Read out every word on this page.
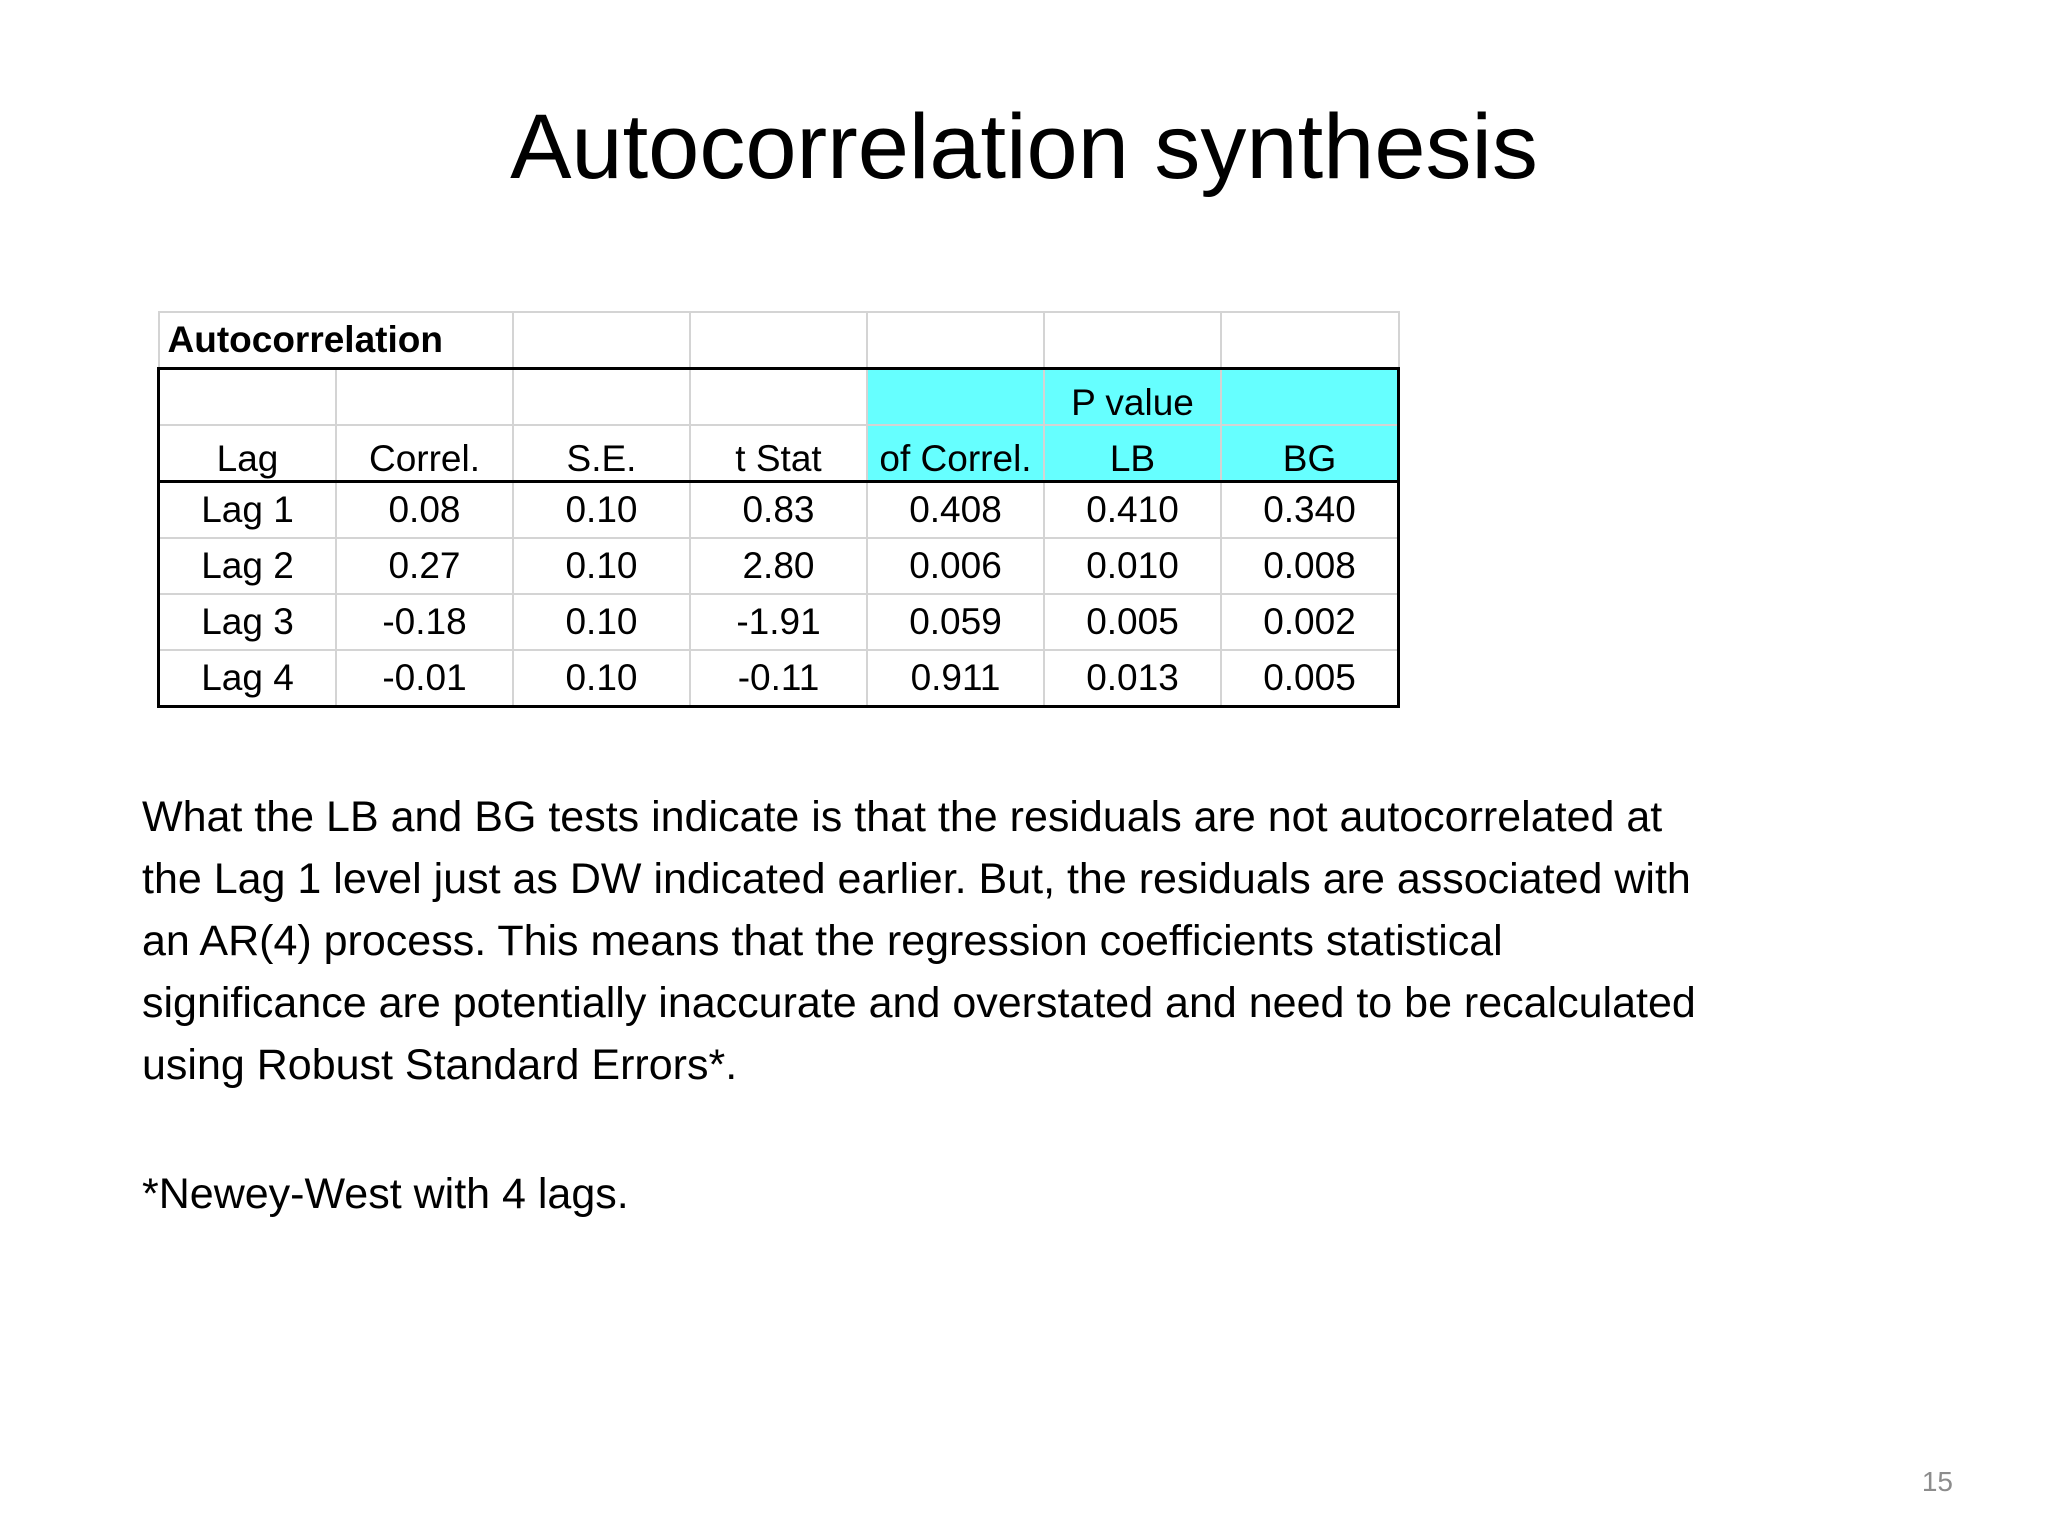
Autocorrelation synthesis
Autocorrelation						
					P value	
Lag	Correl.	S.E.	t Stat	of Correl.	LB	BG
Lag 1	0.08	0.10	0.83	0.408	0.410	0.340
Lag 2	0.27	0.10	2.80	0.006	0.010	0.008
Lag 3	-0.18	0.10	-1.91	0.059	0.005	0.002
Lag 4	-0.01	0.10	-0.11	0.911	0.013	0.005

What the LB and BG tests indicate is that the residuals are not autocorrelated at

the Lag 1 level just as DW indicated earlier. But, the residuals are associated with

an AR(4) process. This means that the regression coefficients statistical

significance are potentially inaccurate and overstated and need to be recalculated

using Robust Standard Errors*.

*Newey-West with 4 lags.
15
